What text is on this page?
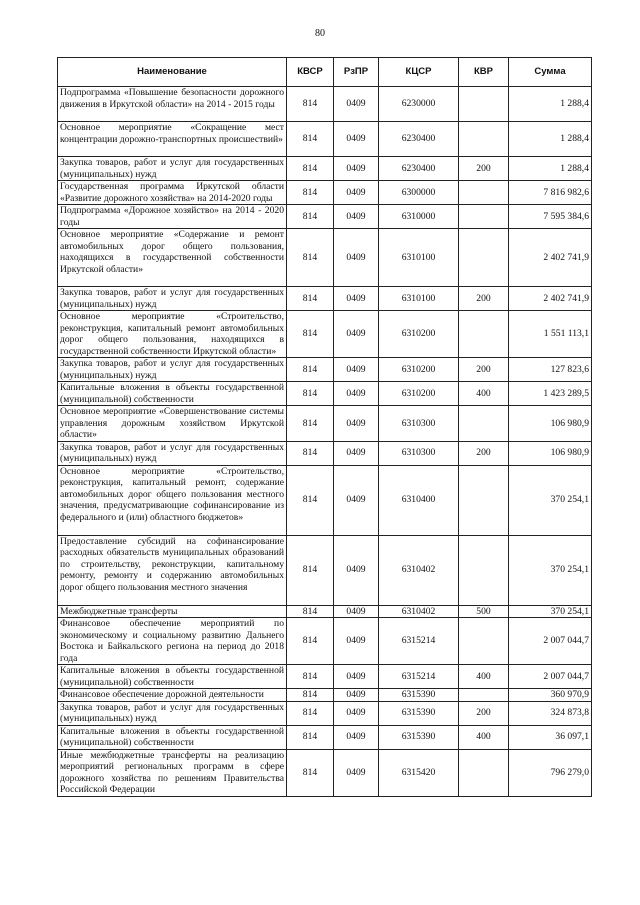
80
Наименование	КВСР	РзПР	КЦСР	КВР	Сумма
Подпрограмма «Повышение безопасности дорожного движения в Иркутской области» на 2014 - 2015 годы	814	0409	6230000		1 288,4
Основное мероприятие «Сокращение мест концентрации дорожно-транспортных происшествий»	814	0409	6230400		1 288,4
Закупка товаров, работ и услуг для государственных (муниципальных) нужд	814	0409	6230400	200	1 288,4
Государственная программа Иркутской области «Развитие дорожного хозяйства» на 2014-2020 годы	814	0409	6300000		7 816 982,6
Подпрограмма «Дорожное хозяйство» на 2014 - 2020 годы	814	0409	6310000		7 595 384,6
Основное мероприятие «Содержание и ремонт автомобильных дорог общего пользования, находящихся в государственной собственности Иркутской области»	814	0409	6310100		2 402 741,9
Закупка товаров, работ и услуг для государственных (муниципальных) нужд	814	0409	6310100	200	2 402 741,9
Основное мероприятие «Строительство, реконструкция, капитальный ремонт автомобильных дорог общего пользования, находящихся в государственной собственности Иркутской области»	814	0409	6310200		1 551 113,1
Закупка товаров, работ и услуг для государственных (муниципальных) нужд	814	0409	6310200	200	127 823,6
Капитальные вложения в объекты государственной (муниципальной) собственности	814	0409	6310200	400	1 423 289,5
Основное мероприятие «Совершенствование системы управления дорожным хозяйством Иркутской области»	814	0409	6310300		106 980,9
Закупка товаров, работ и услуг для государственных (муниципальных) нужд	814	0409	6310300	200	106 980,9
Основное мероприятие «Строительство, реконструкция, капитальный ремонт, содержание автомобильных дорог общего пользования местного значения, предусматривающие софинансирование из федерального и (или) областного бюджетов»	814	0409	6310400		370 254,1
Предоставление субсидий на софинансирование расходных обязательств муниципальных образований по строительству, реконструкции, капитальному ремонту, ремонту и содержанию автомобильных дорог общего пользования местного значения	814	0409	6310402		370 254,1
Межбюджетные трансферты	814	0409	6310402	500	370 254,1
Финансовое обеспечение мероприятий по экономическому и социальному развитию Дальнего Востока и Байкальского региона на период до 2018 года	814	0409	6315214		2 007 044,7
Капитальные вложения в объекты государственной (муниципальной) собственности	814	0409	6315214	400	2 007 044,7
Финансовое обеспечение дорожной деятельности	814	0409	6315390		360 970,9
Закупка товаров, работ и услуг для государственных (муниципальных) нужд	814	0409	6315390	200	324 873,8
Капитальные вложения в объекты государственной (муниципальной) собственности	814	0409	6315390	400	36 097,1
Иные межбюджетные трансферты на реализацию мероприятий региональных программ в сфере дорожного хозяйства по решениям Правительства Российской Федерации	814	0409	6315420		796 279,0
